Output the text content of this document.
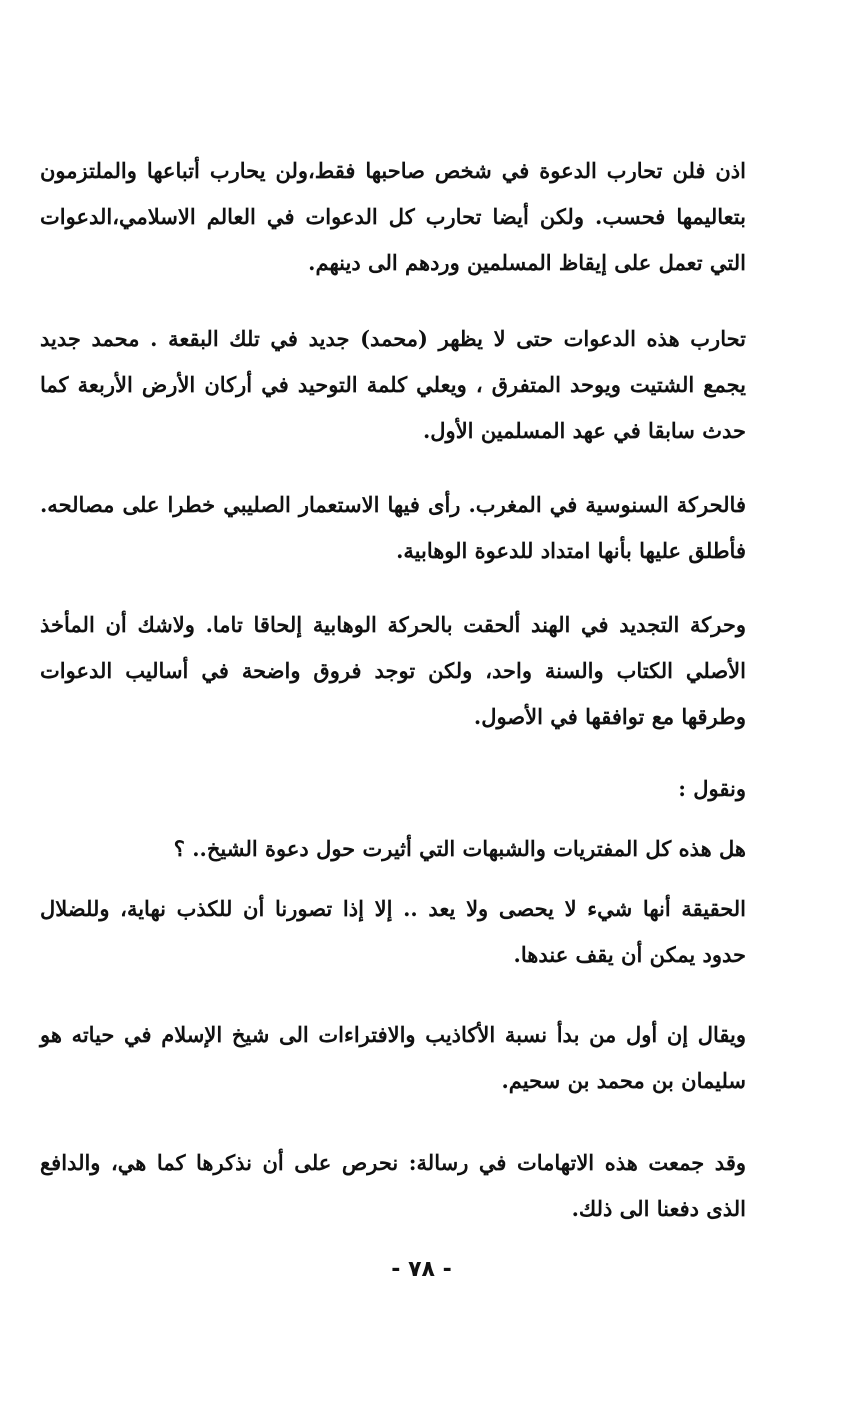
اذن فلن تحارب الدعوة في شخص صاحبها فقط،ولن يحارب أتباعها والملتزمون بتعاليمها فحسب. ولكن أيضا تحارب كل الدعوات في العالم الاسلامي،الدعوات التي تعمل على إيقاظ المسلمين وردهم الى دينهم.

تحارب هذه الدعوات حتى لا يظهر (محمد) جديد في تلك البقعة . محمد جديد يجمع الشتيت ويوحد المتفرق ، ويعلي كلمة التوحيد في أركان الأرض الأربعة كما حدث سابقا في عهد المسلمين الأول.

فالحركة السنوسية في المغرب. رأى فيها الاستعمار الصليبي خطرا على مصالحه. فأطلق عليها بأنها امتداد للدعوة الوهابية.

وحركة التجديد في الهند ألحقت بالحركة الوهابية إلحاقا تاما. ولاشك أن المأخذ الأصلي الكتاب والسنة واحد، ولكن توجد فروق واضحة في أساليب الدعوات وطرقها مع توافقها في الأصول.

ونقول :

هل هذه كل المفتريات والشبهات التي أثيرت حول دعوة الشيخ.. ؟

الحقيقة أنها شيء لا يحصى ولا يعد .. إلا إذا تصورنا أن للكذب نهاية، وللضلال حدود يمكن أن يقف عندها.

ويقال إن أول من بدأ نسبة الأكاذيب والافتراءات الى شيخ الإسلام في حياته هو سليمان بن محمد بن سحيم.

وقد جمعت هذه الاتهامات في رسالة: نحرص على أن نذكرها كما هي، والدافع الذى دفعنا الى ذلك.

- ٧٨ -
